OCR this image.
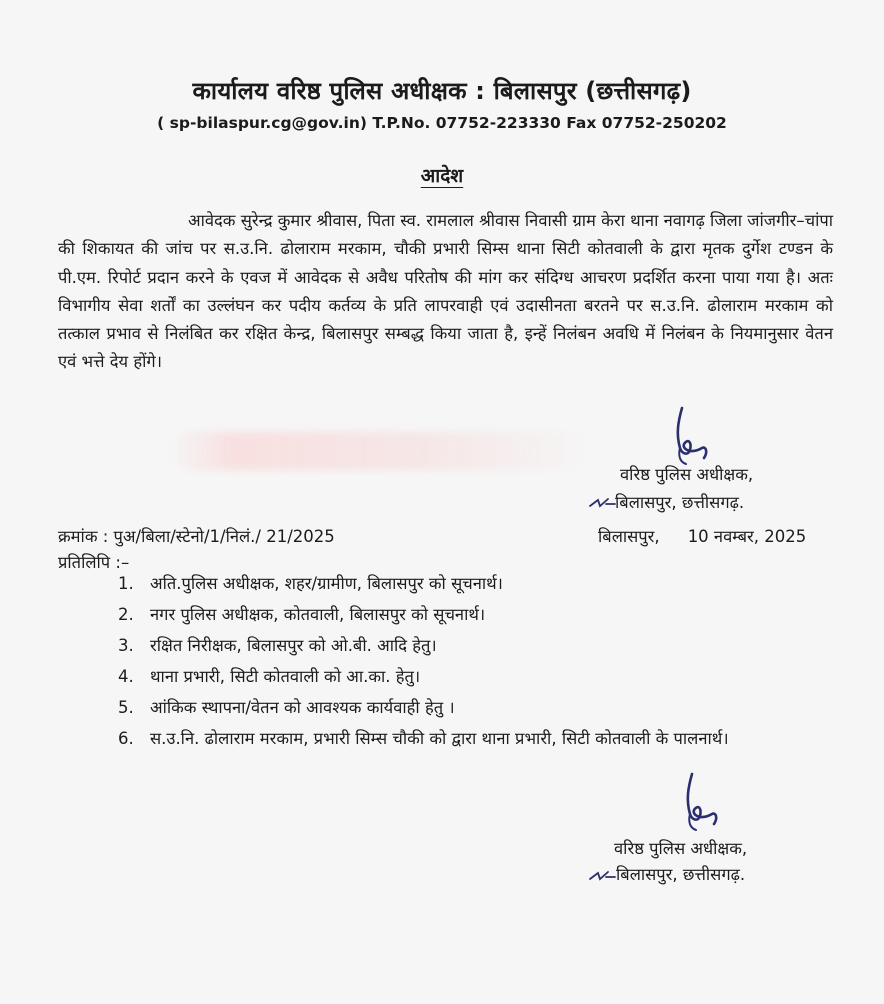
कार्यालय वरिष्ठ पुलिस अधीक्षक : बिलासपुर (छत्तीसगढ़)
( sp-bilaspur.cg@gov.in) T.P.No. 07752-223330 Fax 07752-250202
आदेश
आवेदक सुरेन्द्र कुमार श्रीवास, पिता स्व. रामलाल श्रीवास निवासी ग्राम केरा थाना नवागढ़ जिला जांजगीर–चांपा की शिकायत की जांच पर स.उ.नि. ढोलाराम मरकाम, चौकी प्रभारी सिम्स थाना सिटी कोतवाली के द्वारा मृतक दुर्गेश टण्डन के पी.एम. रिपोर्ट प्रदान करने के एवज में आवेदक से अवैध परितोष की मांग कर संदिग्ध आचरण प्रदर्शित करना पाया गया है। अतः विभागीय सेवा शर्तों का उल्लंघन कर पदीय कर्तव्य के प्रति लापरवाही एवं उदासीनता बरतने पर स.उ.नि. ढोलाराम मरकाम को तत्काल प्रभाव से निलंबित कर रक्षित केन्द्र, बिलासपुर सम्बद्ध किया जाता है, इन्हें निलंबन अवधि में निलंबन के नियमानुसार वेतन एवं भत्ते देय होंगे।
वरिष्ठ पुलिस अधीक्षक,
बिलासपुर, छत्तीसगढ़.
क्रमांक : पुअ/बिला/स्टेनो/1/निलं./ 21/2025	बिलासपुर, 10 नवम्बर, 2025
प्रतिलिपि :–
1. अति.पुलिस अधीक्षक, शहर/ग्रामीण, बिलासपुर को सूचनार्थ।
2. नगर पुलिस अधीक्षक, कोतवाली, बिलासपुर को सूचनार्थ।
3. रक्षित निरीक्षक, बिलासपुर को ओ.बी. आदि हेतु।
4. थाना प्रभारी, सिटी कोतवाली को आ.का. हेतु।
5. आंकिक स्थापना/वेतन को आवश्यक कार्यवाही हेतु ।
6. स.उ.नि. ढोलाराम मरकाम, प्रभारी सिम्स चौकी को द्वारा थाना प्रभारी, सिटी कोतवाली के पालनार्थ।
वरिष्ठ पुलिस अधीक्षक,
बिलासपुर, छत्तीसगढ़.
